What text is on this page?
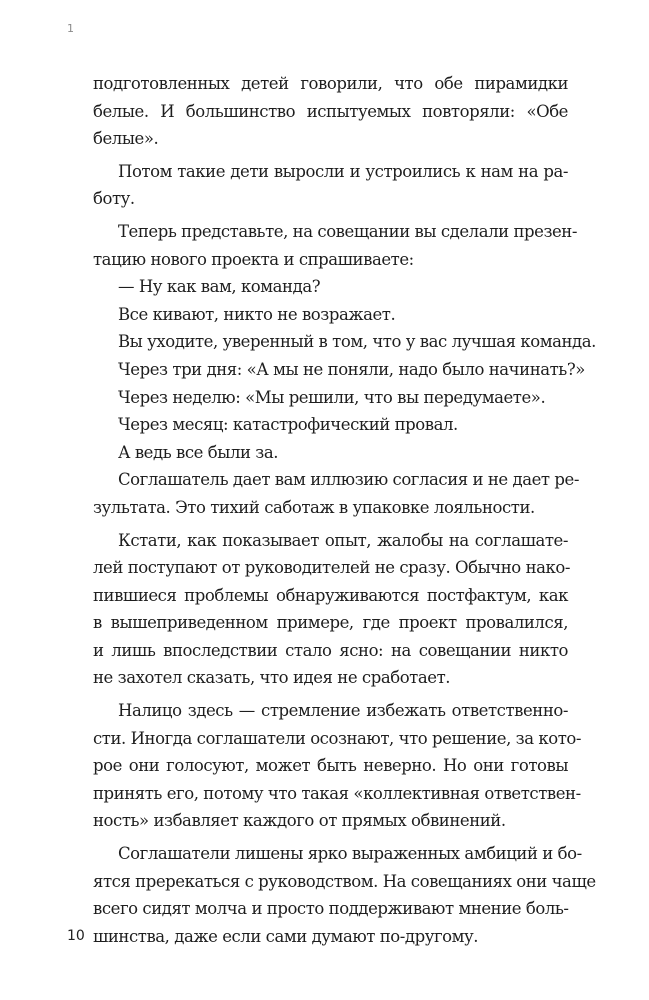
1
подготовленных детей говорили, что обе пирамидки
белые. И большинство испытуемых повторяли: «Обе
белые».
Потом такие дети выросли и устроились к нам на ра-
боту.
Теперь представьте, на совещании вы сделали презен-
тацию нового проекта и спрашиваете:
— Ну как вам, команда?
Все кивают, никто не возражает.
Вы уходите, уверенный в том, что у вас лучшая команда.
Через три дня: «А мы не поняли, надо было начинать?»
Через неделю: «Мы решили, что вы передумаете».
Через месяц: катастрофический провал.
А ведь все были за.
Соглашатель дает вам иллюзию согласия и не дает ре-
зультата. Это тихий саботаж в упаковке лояльности.
Кстати, как показывает опыт, жалобы на соглашате-
лей поступают от руководителей не сразу. Обычно нако-
пившиеся проблемы обнаруживаются постфактум, как
в вышеприведенном примере, где проект провалился,
и лишь впоследствии стало ясно: на совещании никто
не захотел сказать, что идея не сработает.
Налицо здесь — стремление избежать ответственно-
сти. Иногда соглашатели осознают, что решение, за кото-
рое они голосуют, может быть неверно. Но они готовы
принять его, потому что такая «коллективная ответствен-
ность» избавляет каждого от прямых обвинений.
Соглашатели лишены ярко выраженных амбиций и бо-
ятся пререкаться с руководством. На совещаниях они чаще
всего сидят молча и просто поддерживают мнение боль-
шинства, даже если сами думают по-другому.
10
